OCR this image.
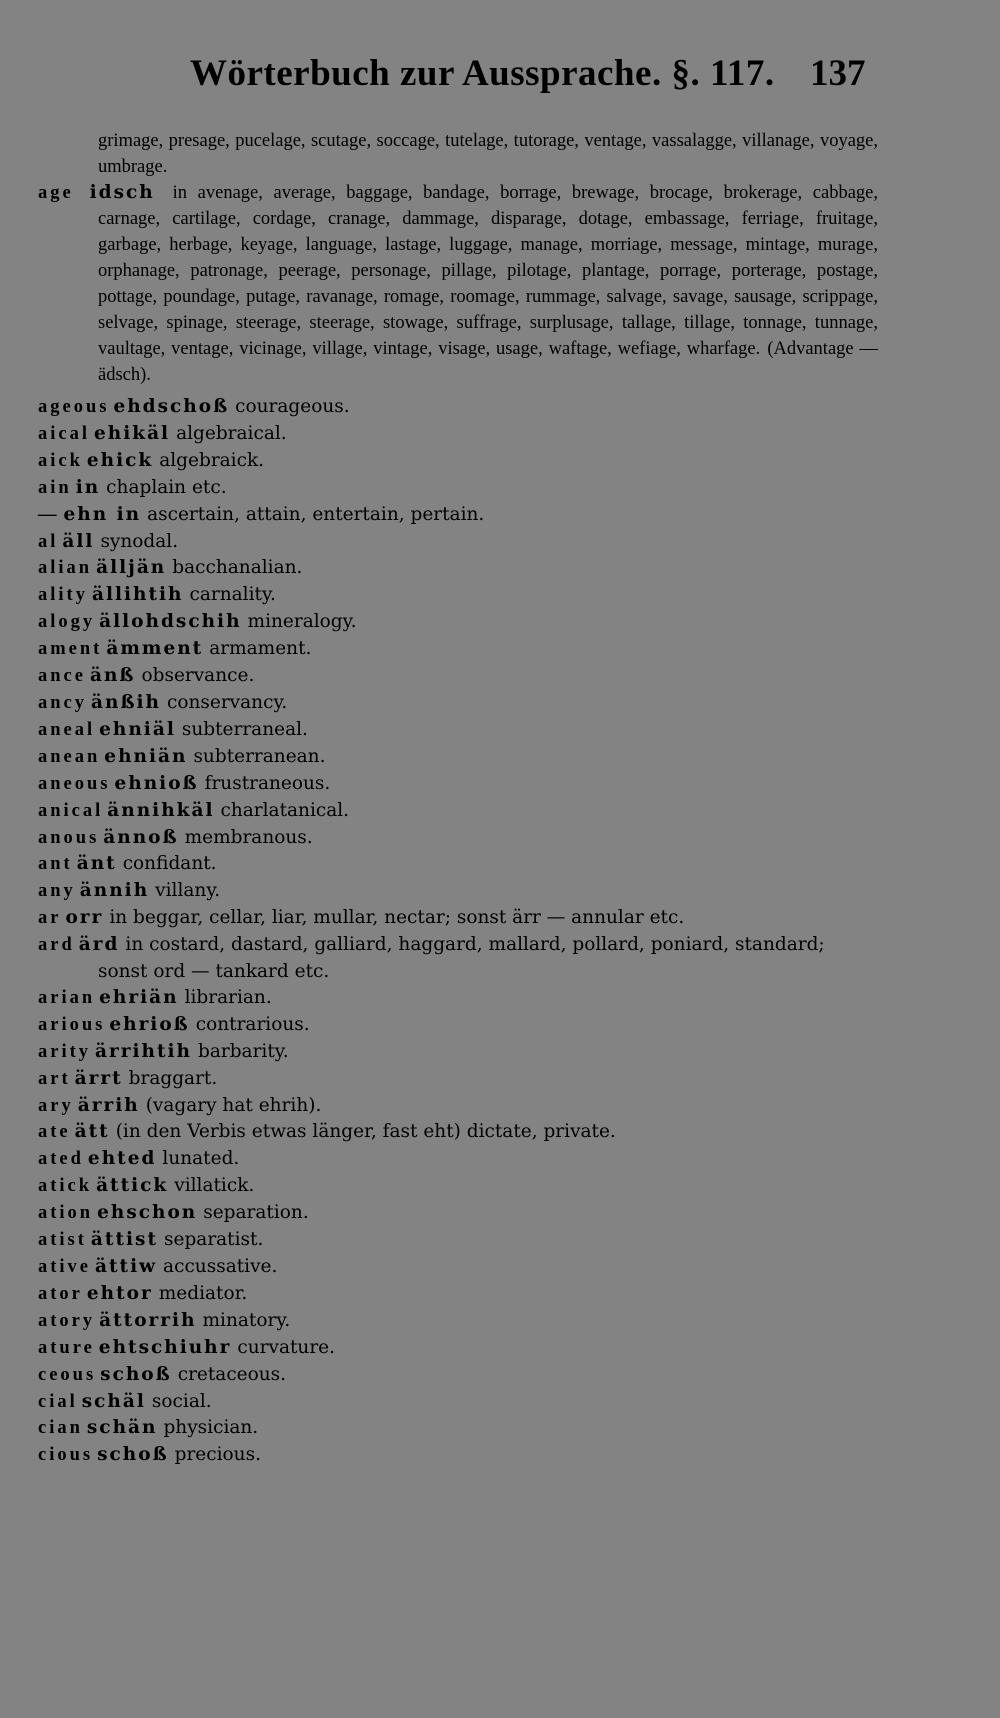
Wörterbuch zur Aussprache. §. 117. 137

grimage, presage, pucelage, scutage, soccage, tutelage, tutorage, ventage, vassalagge, villanage, voyage, umbrage.

age idsch in avenage, average, baggage, bandage, borrage, brewage, brocage, brokerage, cabbage, carnage, cartilage, cordage, cranage, dammage, disparage, dotage, embassage, ferriage, fruitage, garbage, herbage, keyage, language, lastage, luggage, manage, morriage, message, mintage, murage, orphanage, patronage, peerage, personage, pillage, pilotage, plantage, porrage, porterage, postage, pottage, poundage, putage, ravanage, romage, roomage, rummage, salvage, savage, sausage, scrippage, selvage, spinage, steerage, steerage, stowage, suffrage, surplusage, tallage, tillage, tonnage, tunnage, vaultage, ventage, vicinage, village, vintage, visage, usage, waftage, wefiage, wharfage. (Advantage — ädsch).

ageous ehdschoß courageous.

aical ehikäl algebraical.

aick ehick algebraick.

ain in chaplain etc.

— ehn in ascertain, attain, entertain, pertain.

al äll synodal.

alian älljän bacchanalian.

ality ällihtih carnality.

alogy ällohdschih mineralogy.

ament ämment armament.

ance änß observance.

ancy änßih conservancy.

aneal ehniäl subterraneal.

anean ehniän subterranean.

aneous ehnioß frustraneous.

anical ännihkäl charlatanical.

anous ännoß membranous.

ant änt confidant.

any ännih villany.

ar orr in beggar, cellar, liar, mullar, nectar; sonst ärr — annular etc.

ard ärd in costard, dastard, galliard, haggard, mallard, pollard, poniard, standard; sonst ord — tankard etc.

arian ehriän librarian.

arious ehrioß contrarious.

arity ärrihtih barbarity.

art ärrt braggart.

ary ärrih (vagary hat ehrih).

ate ätt (in den Verbis etwas länger, fast eht) dictate, private.

ated ehted lunated.

atick ättick villatick.

ation ehschon separation.

atist ättist separatist.

ative ättiw accussative.

ator ehtor mediator.

atory ättorrih minatory.

ature ehtschiuhr curvature.

ceous schoß cretaceous.

cial schäl social.

cian schän physician.

cious schoß precious.
